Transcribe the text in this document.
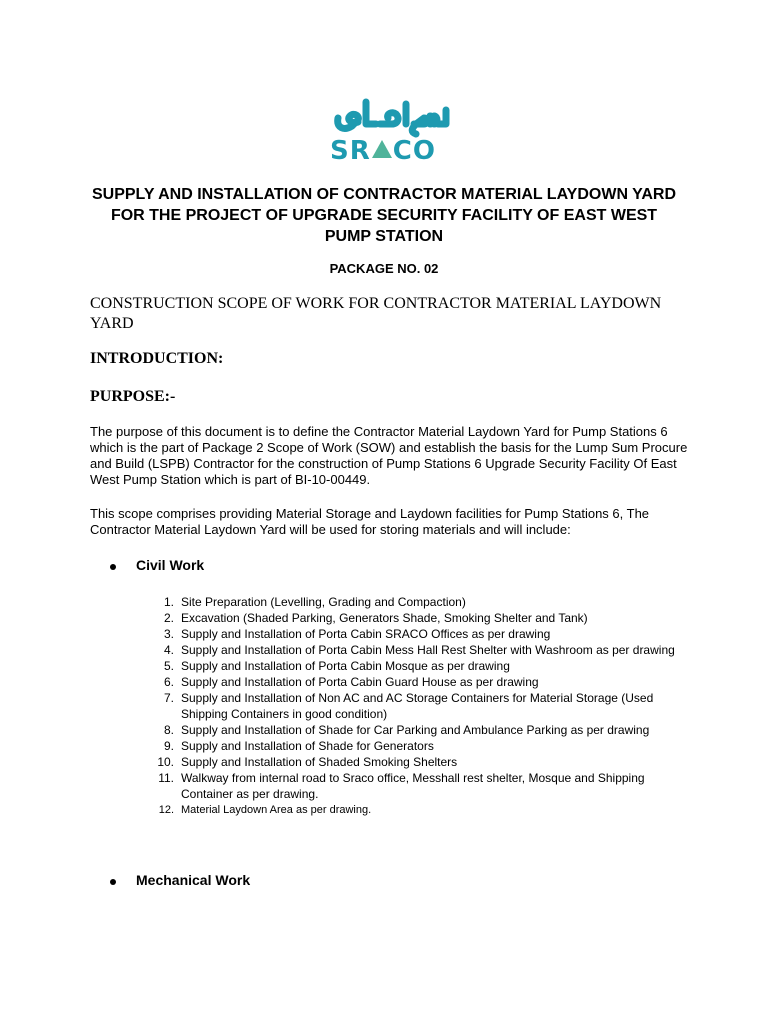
SR CO
SUPPLY AND INSTALLATION OF CONTRACTOR MATERIAL LAYDOWN YARD FOR THE PROJECT OF UPGRADE SECURITY FACILITY OF EAST WEST PUMP STATION
PACKAGE NO. 02
CONSTRUCTION SCOPE OF WORK FOR CONTRACTOR MATERIAL LAYDOWN YARD
INTRODUCTION:
PURPOSE:-
The purpose of this document is to define the Contractor Material Laydown Yard for Pump Stations 6 which is the part of Package 2 Scope of Work (SOW) and establish the basis for the Lump Sum Procure and Build (LSPB) Contractor for the construction of Pump Stations 6 Upgrade Security Facility Of East West Pump Station which is part of BI-10-00449.
This scope comprises providing Material Storage and Laydown facilities for Pump Stations 6, The Contractor Material Laydown Yard will be used for storing materials and will include:
Civil Work
1. Site Preparation (Levelling, Grading and Compaction)
2. Excavation (Shaded Parking, Generators Shade, Smoking Shelter and Tank)
3. Supply and Installation of Porta Cabin SRACO Offices as per drawing
4. Supply and Installation of Porta Cabin Mess Hall Rest Shelter with Washroom as per drawing
5. Supply and Installation of Porta Cabin Mosque as per drawing
6. Supply and Installation of Porta Cabin Guard House as per drawing
7. Supply and Installation of Non AC and AC Storage Containers for Material Storage (Used Shipping Containers in good condition)
8. Supply and Installation of Shade for Car Parking and Ambulance Parking as per drawing
9. Supply and Installation of Shade for Generators
10. Supply and Installation of Shaded Smoking Shelters
11. Walkway from internal road to Sraco office, Messhall rest shelter, Mosque and Shipping Container as per drawing.
12. Material Laydown Area as per drawing.
Mechanical Work
